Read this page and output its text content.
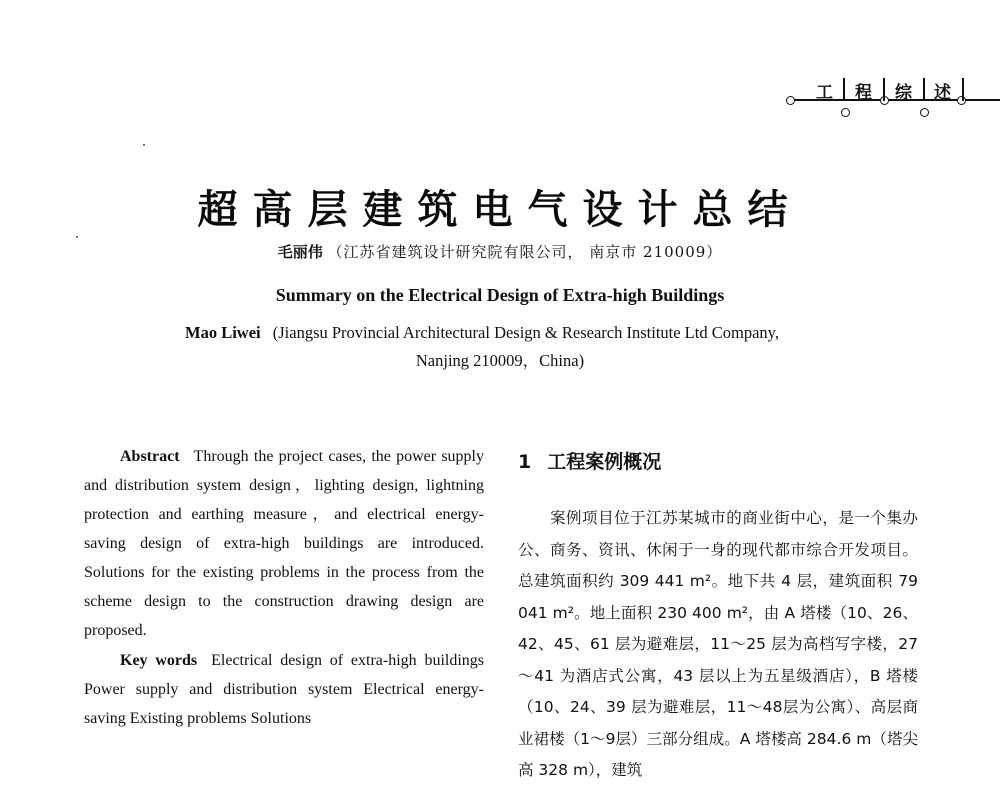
工 程 综 述
超高层建筑电气设计总结
毛丽伟 （江苏省建筑设计研究院有限公司， 南京市 210009）
Summary on the Electrical Design of Extra-high Buildings
Mao Liwei (Jiangsu Provincial Architectural Design & Research Institute Ltd Company,
Nanjing 210009，China)

Abstract Through the project cases, the power supply and distribution system design，lighting design, lightning protection and earthing measure，and electrical energy-saving design of extra-high buildings are introduced. Solutions for the existing problems in the process from the scheme design to the construction drawing design are proposed.

Key words Electrical design of extra-high buildings Power supply and distribution system Electrical energy-saving Existing problems Solutions

1 工程案例概况

案例项目位于江苏某城市的商业街中心，是一个集办公、商务、资讯、休闲于一身的现代都市综合开发项目。总建筑面积约 309 441 m²。地下共 4 层，建筑面积 79 041 m²。地上面积 230 400 m²，由 A 塔楼（10、26、42、45、61 层为避难层，11～25 层为高档写字楼，27～41 为酒店式公寓，43 层以上为五星级酒店），B 塔楼（10、24、39 层为避难层，11～48层为公寓）、高层商业裙楼（1～9层）三部分组成。A 塔楼高 284.6 m（塔尖高 328 m），建筑
